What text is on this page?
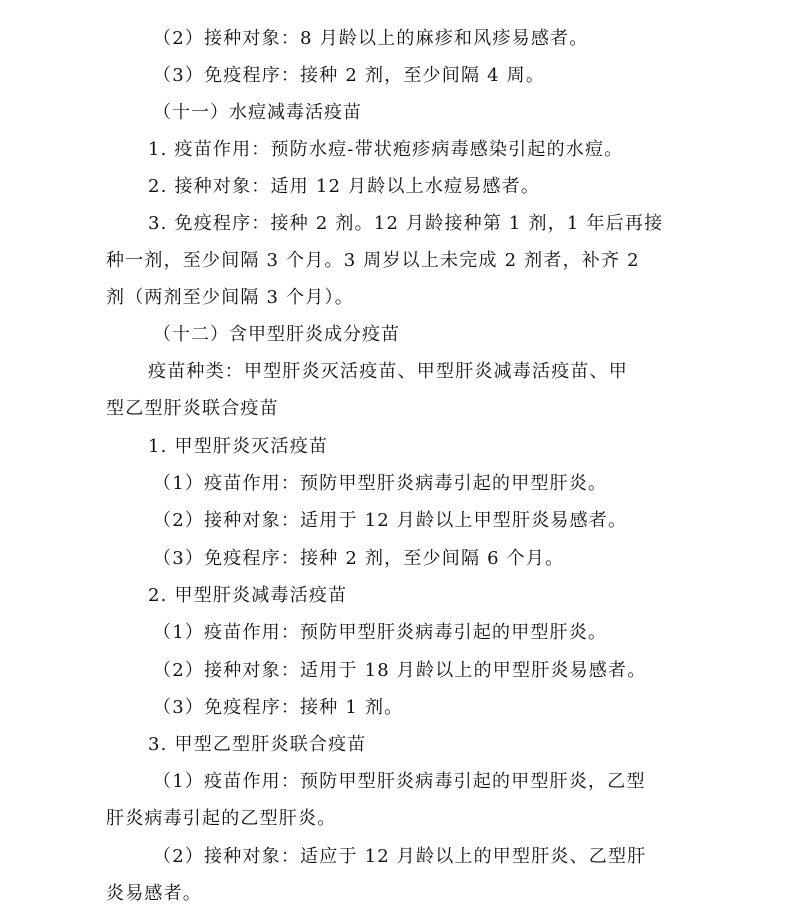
（2）接种对象：8 月龄以上的麻疹和风疹易感者。
（3）免疫程序：接种 2 剂，至少间隔 4 周。
（十一）水痘减毒活疫苗
1. 疫苗作用：预防水痘-带状疱疹病毒感染引起的水痘。
2. 接种对象：适用 12 月龄以上水痘易感者。
3. 免疫程序：接种 2 剂。12 月龄接种第 1 剂，1 年后再接
种一剂，至少间隔 3 个月。3 周岁以上未完成 2 剂者，补齐 2
剂（两剂至少间隔 3 个月）。
（十二）含甲型肝炎成分疫苗
疫苗种类：甲型肝炎灭活疫苗、甲型肝炎减毒活疫苗、甲
型乙型肝炎联合疫苗
1. 甲型肝炎灭活疫苗
（1）疫苗作用：预防甲型肝炎病毒引起的甲型肝炎。
（2）接种对象：适用于 12 月龄以上甲型肝炎易感者。
（3）免疫程序：接种 2 剂，至少间隔 6 个月。
2. 甲型肝炎减毒活疫苗
（1）疫苗作用：预防甲型肝炎病毒引起的甲型肝炎。
（2）接种对象：适用于 18 月龄以上的甲型肝炎易感者。
（3）免疫程序：接种 1 剂。
3. 甲型乙型肝炎联合疫苗
（1）疫苗作用：预防甲型肝炎病毒引起的甲型肝炎，乙型
肝炎病毒引起的乙型肝炎。
（2）接种对象：适应于 12 月龄以上的甲型肝炎、乙型肝
炎易感者。
